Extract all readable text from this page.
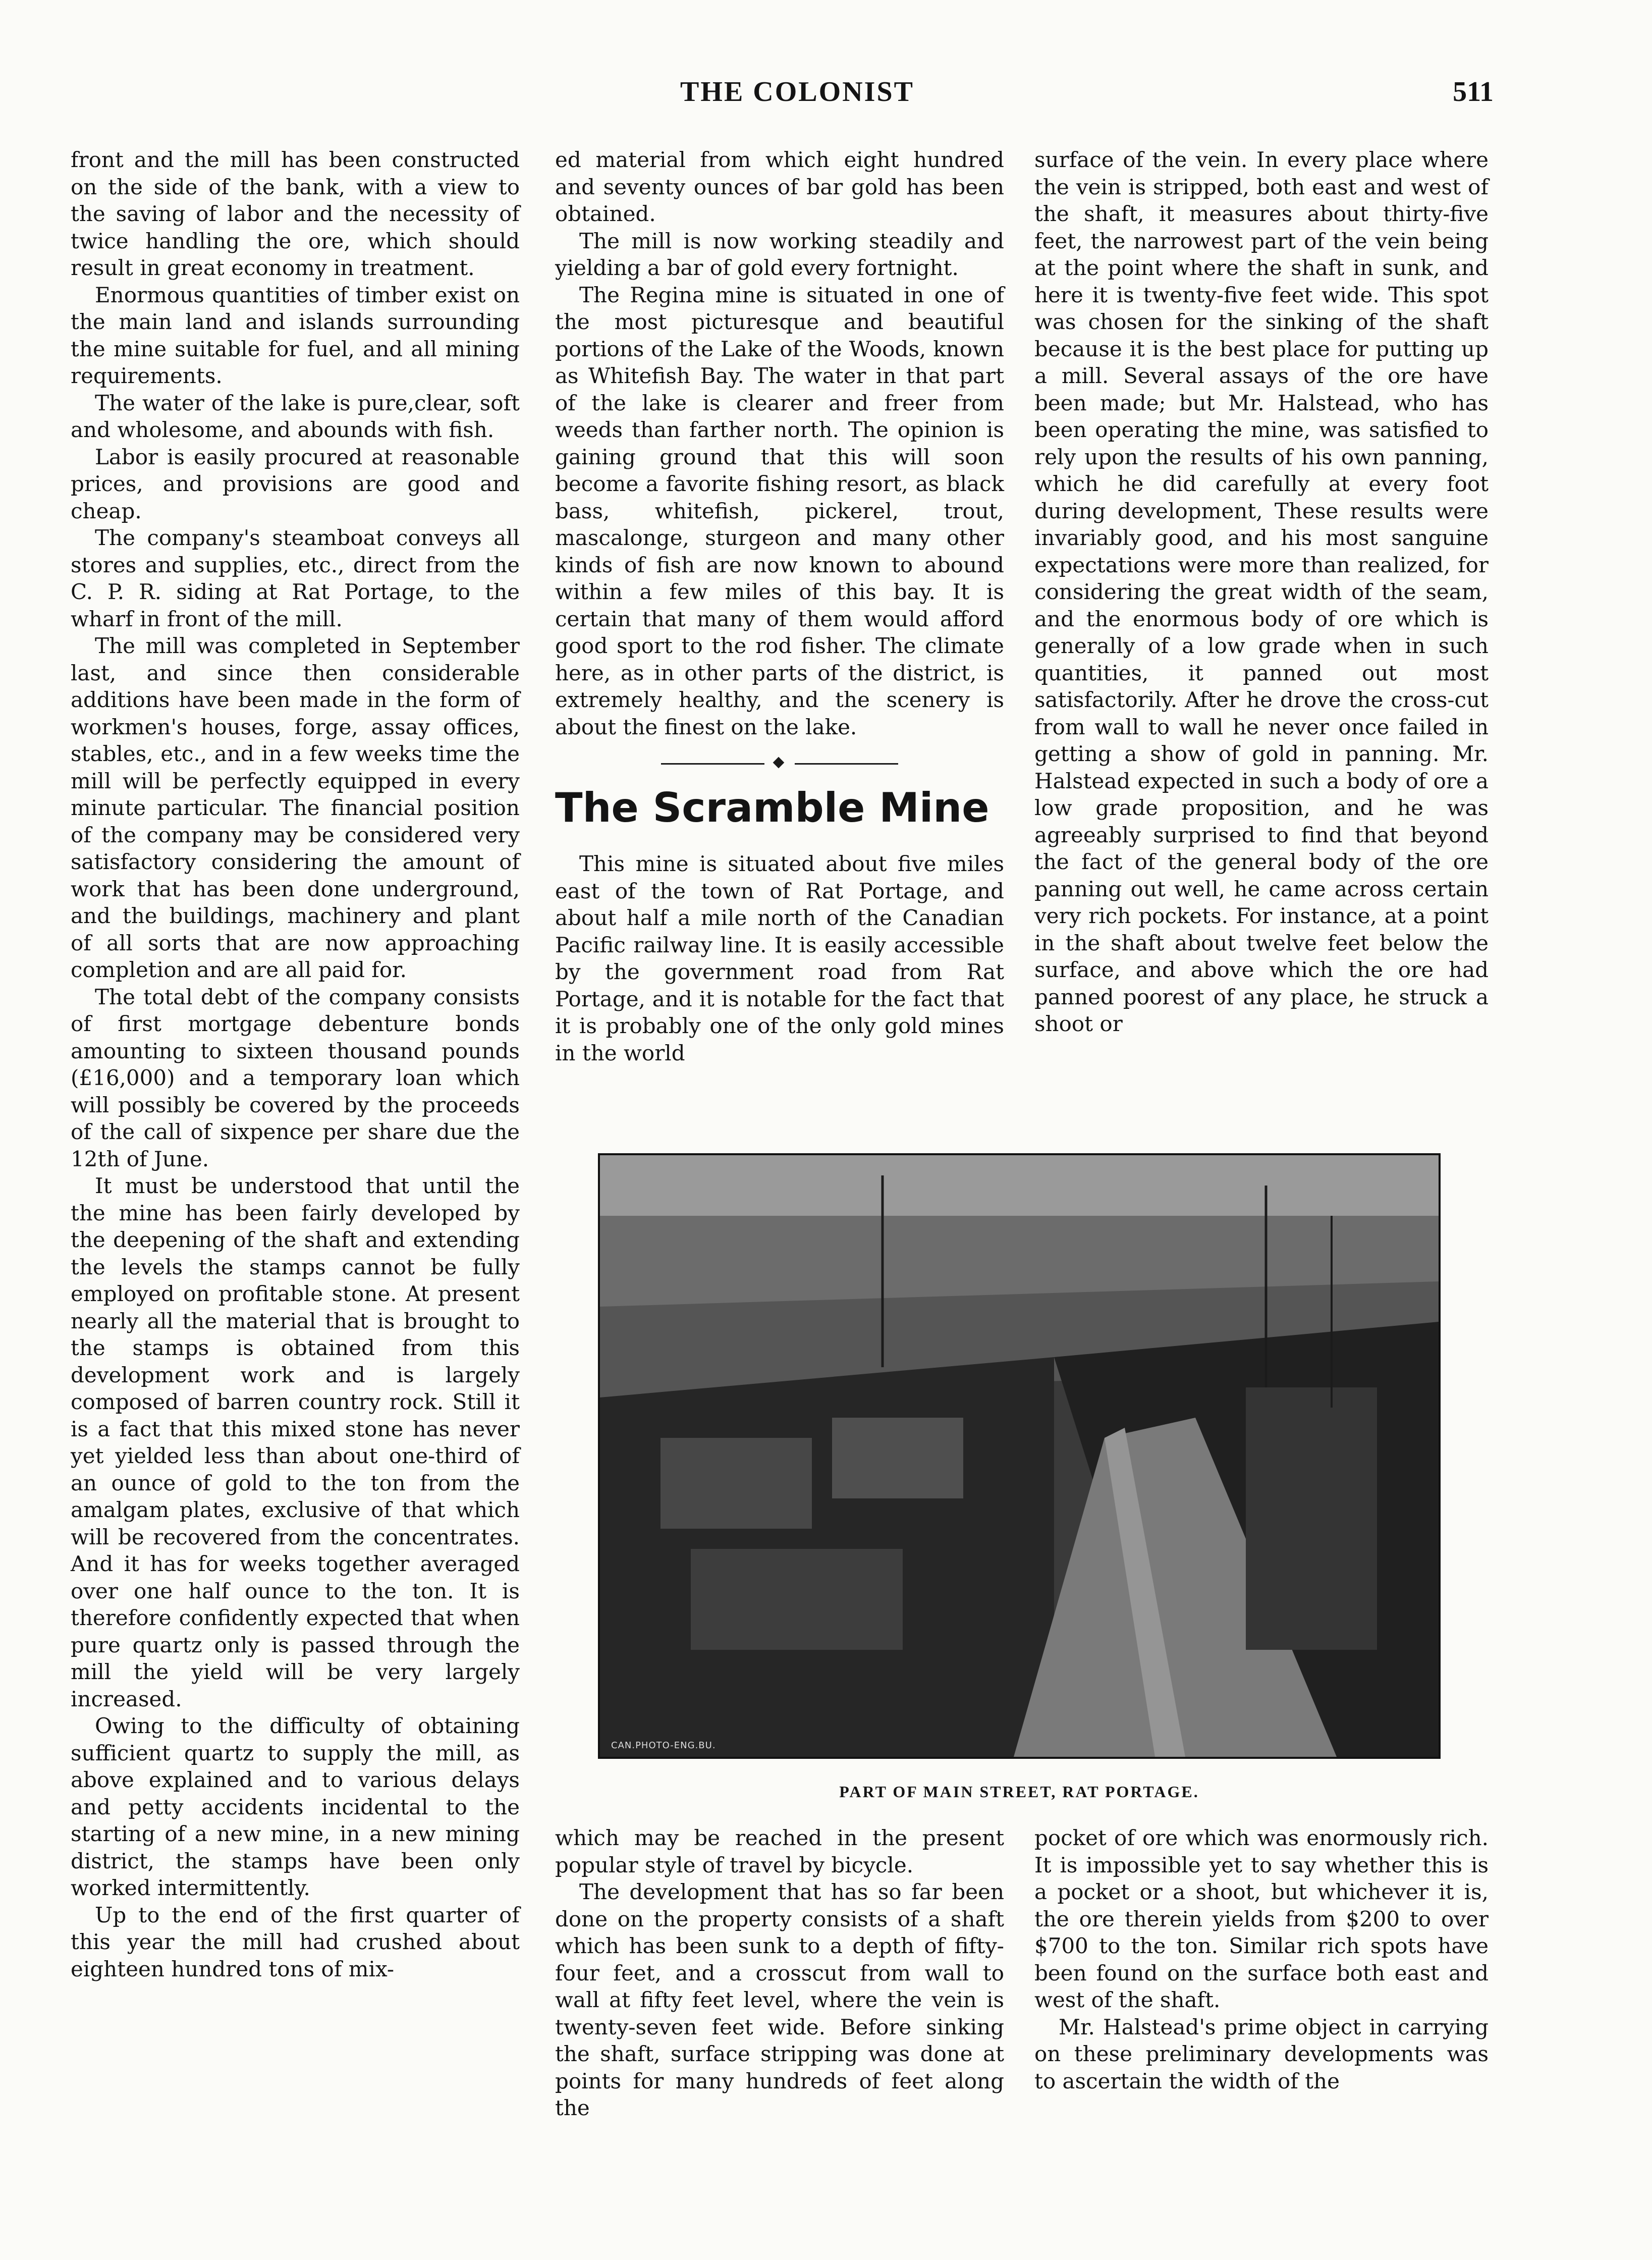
THE COLONIST	511

front and the mill has been constructed on the side of the bank, with a view to the saving of labor and the necessity of twice handling the ore, which should result in great economy in treatment.

Enormous quantities of timber exist on the main land and islands surrounding the mine suitable for fuel, and all mining requirements.

The water of the lake is pure,clear, soft and wholesome, and abounds with fish.

Labor is easily procured at reasonable prices, and provisions are good and cheap.

The company's steamboat conveys all stores and supplies, etc., direct from the C. P. R. siding at Rat Portage, to the wharf in front of the mill.

The mill was completed in September last, and since then considerable additions have been made in the form of workmen's houses, forge, assay offices, stables, etc., and in a few weeks time the mill will be perfectly equipped in every minute particular. The financial position of the company may be considered very satisfactory considering the amount of work that has been done underground, and the buildings, machinery and plant of all sorts that are now approaching completion and are all paid for.

The total debt of the company consists of first mortgage debenture bonds amounting to sixteen thousand pounds (£16,000) and a temporary loan which will possibly be covered by the proceeds of the call of sixpence per share due the 12th of June.

It must be understood that until the the mine has been fairly developed by the deepening of the shaft and extending the levels the stamps cannot be fully employed on profitable stone. At present nearly all the material that is brought to the stamps is obtained from this development work and is largely composed of barren country rock. Still it is a fact that this mixed stone has never yet yielded less than about one-third of an ounce of gold to the ton from the amalgam plates, exclusive of that which will be recovered from the concentrates. And it has for weeks together averaged over one half ounce to the ton. It is therefore confidently expected that when pure quartz only is passed through the mill the yield will be very largely increased.

Owing to the difficulty of obtaining sufficient quartz to supply the mill, as above explained and to various delays and petty accidents incidental to the starting of a new mine, in a new mining district, the stamps have been only worked intermittently.

Up to the end of the first quarter of this year the mill had crushed about eighteen hundred tons of mix-

ed material from which eight hundred and seventy ounces of bar gold has been obtained.

The mill is now working steadily and yielding a bar of gold every fortnight.

The Regina mine is situated in one of the most picturesque and beautiful portions of the Lake of the Woods, known as Whitefish Bay. The water in that part of the lake is clearer and freer from weeds than farther north. The opinion is gaining ground that this will soon become a favorite fishing resort, as black bass, whitefish, pickerel, trout, mascalonge, sturgeon and many other kinds of fish are now known to abound within a few miles of this bay. It is certain that many of them would afford good sport to the rod fisher. The climate here, as in other parts of the district, is extremely healthy, and the scenery is about the finest on the lake.

The Scramble Mine

This mine is situated about five miles east of the town of Rat Portage, and about half a mile north of the Canadian Pacific railway line. It is easily accessible by the government road from Rat Portage, and it is notable for the fact that it is probably one of the only gold mines in the world

surface of the vein. In every place where the vein is stripped, both east and west of the shaft, it measures about thirty-five feet, the narrowest part of the vein being at the point where the shaft in sunk, and here it is twenty-five feet wide. This spot was chosen for the sinking of the shaft because it is the best place for putting up a mill. Several assays of the ore have been made; but Mr. Halstead, who has been operating the mine, was satisfied to rely upon the results of his own panning, which he did carefully at every foot during development, These results were invariably good, and his most sanguine expectations were more than realized, for considering the great width of the seam, and the enormous body of ore which is generally of a low grade when in such quantities, it panned out most satisfactorily. After he drove the cross-cut from wall to wall he never once failed in getting a show of gold in panning. Mr. Halstead expected in such a body of ore a low grade proposition, and he was agreeably surprised to find that beyond the fact of the general body of the ore panning out well, he came across certain very rich pockets. For instance, at a point in the shaft about twelve feet below the surface, and above which the ore had panned poorest of any place, he struck a shoot or

CAN.PHOTO-ENG.BU.
PART OF MAIN STREET, RAT PORTAGE.

which may be reached in the present popular style of travel by bicycle.

The development that has so far been done on the property consists of a shaft which has been sunk to a depth of fifty-four feet, and a crosscut from wall to wall at fifty feet level, where the vein is twenty-seven feet wide. Before sinking the shaft, surface stripping was done at points for many hundreds of feet along the

pocket of ore which was enormously rich. It is impossible yet to say whether this is a pocket or a shoot, but whichever it is, the ore therein yields from $200 to over $700 to the ton. Similar rich spots have been found on the surface both east and west of the shaft.

Mr. Halstead's prime object in carrying on these preliminary developments was to ascertain the width of the
